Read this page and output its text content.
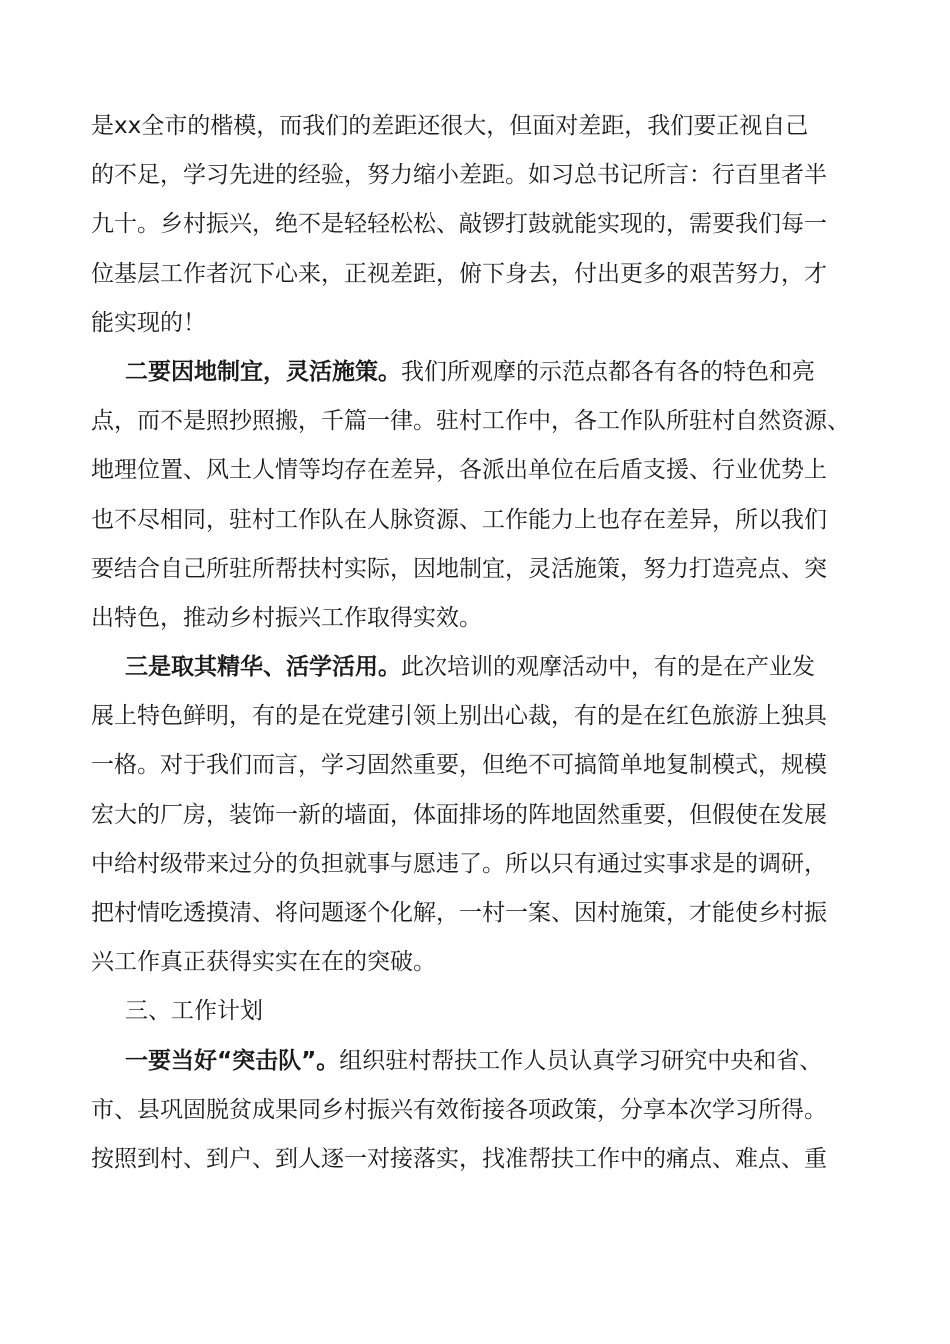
是xx全市的楷模，而我们的差距还很大，但面对差距，我们要正视自己
的不足，学习先进的经验，努力缩小差距。如习总书记所言：行百里者半
九十。乡村振兴，绝不是轻轻松松、敲锣打鼓就能实现的，需要我们每一
位基层工作者沉下心来，正视差距，俯下身去，付出更多的艰苦努力，才
能实现的！
二要因地制宜，灵活施策。我们所观摩的示范点都各有各的特色和亮
点，而不是照抄照搬，千篇一律。驻村工作中，各工作队所驻村自然资源、
地理位置、风土人情等均存在差异，各派出单位在后盾支援、行业优势上
也不尽相同，驻村工作队在人脉资源、工作能力上也存在差异，所以我们
要结合自己所驻所帮扶村实际，因地制宜，灵活施策，努力打造亮点、突
出特色，推动乡村振兴工作取得实效。
三是取其精华、活学活用。此次培训的观摩活动中，有的是在产业发
展上特色鲜明，有的是在党建引领上别出心裁，有的是在红色旅游上独具
一格。对于我们而言，学习固然重要，但绝不可搞简单地复制模式，规模
宏大的厂房，装饰一新的墙面，体面排场的阵地固然重要，但假使在发展
中给村级带来过分的负担就事与愿违了。所以只有通过实事求是的调研，
把村情吃透摸清、将问题逐个化解，一村一案、因村施策，才能使乡村振
兴工作真正获得实实在在的突破。
三、工作计划
一要当好“突击队”。组织驻村帮扶工作人员认真学习研究中央和省、
市、县巩固脱贫成果同乡村振兴有效衔接各项政策，分享本次学习所得。
按照到村、到户、到人逐一对接落实，找准帮扶工作中的痛点、难点、重
